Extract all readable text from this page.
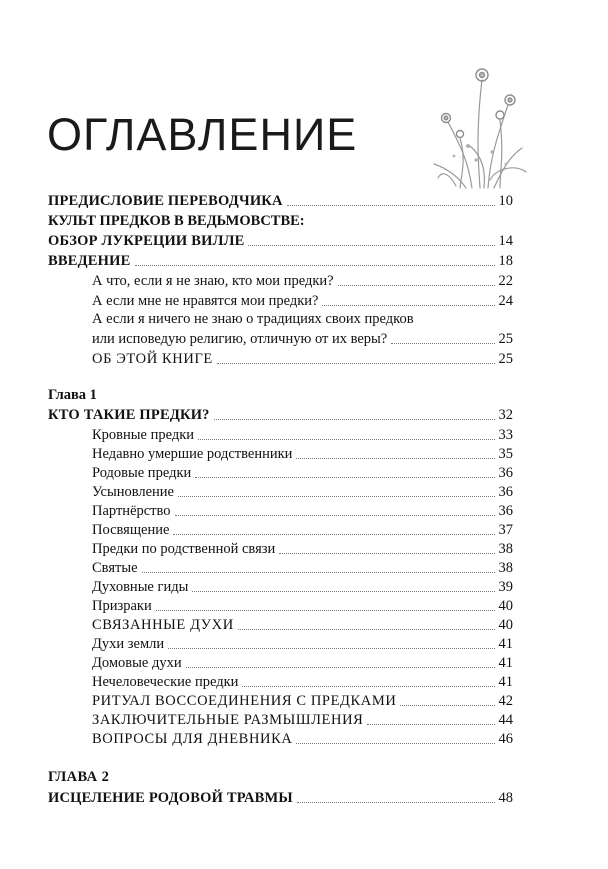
ОГЛАВЛЕНИЕ
ПРЕДИСЛОВИЕ ПЕРЕВОДЧИКА	10
КУЛЬТ ПРЕДКОВ В ВЕДЬМОВСТВЕ:
ОБЗОР ЛУКРЕЦИИ ВИЛЛЕ	14
ВВЕДЕНИЕ	18
А что, если я не знаю, кто мои предки?	22
А если мне не нравятся мои предки?	24
А если я ничего не знаю о традициях своих предков
или исповедую религию, отличную от их веры?	25
ОБ ЭТОЙ КНИГЕ	25
Глава 1
КТО ТАКИЕ ПРЕДКИ?	32
Кровные предки	33
Недавно умершие родственники	35
Родовые предки	36
Усыновление	36
Партнёрство	36
Посвящение	37
Предки по родственной связи	38
Святые	38
Духовные гиды	39
Призраки	40
СВЯЗАННЫЕ ДУХИ	40
Духи земли	41
Домовые духи	41
Нечеловеческие предки	41
РИТУАЛ ВОССОЕДИНЕНИЯ С ПРЕДКАМИ	42
ЗАКЛЮЧИТЕЛЬНЫЕ РАЗМЫШЛЕНИЯ	44
ВОПРОСЫ ДЛЯ ДНЕВНИКА	46
ГЛАВА 2
ИСЦЕЛЕНИЕ РОДОВОЙ ТРАВМЫ	48
